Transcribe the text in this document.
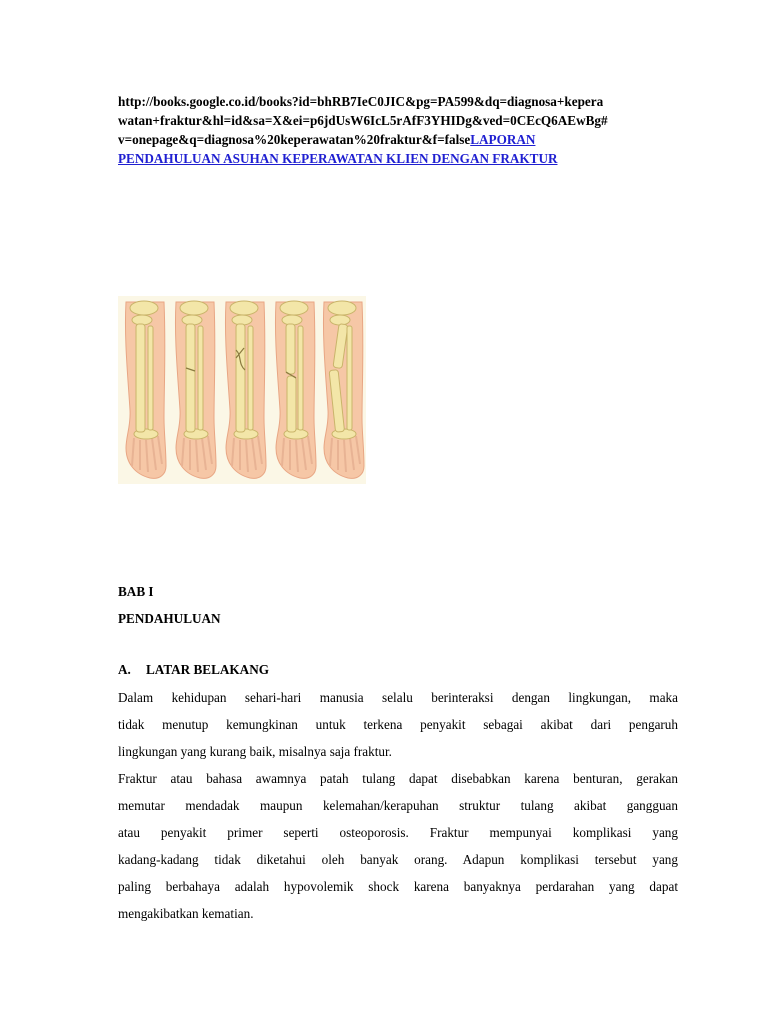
http://books.google.co.id/books?id=bhRB7IeC0JIC&pg=PA599&dq=diagnosa+kepera
watan+fraktur&hl=id&sa=X&ei=p6jdUsW6IcL5rAfF3YHIDg&ved=0CEcQ6AEwBg#
v=onepage&q=diagnosa%20keperawatan%20fraktur&f=falseLAPORAN
PENDAHULUAN ASUHAN KEPERAWATAN KLIEN DENGAN FRAKTUR
BAB I
PENDAHULUAN
A. LATAR BELAKANG
Dalam kehidupan sehari-hari manusia selalu berinteraksi dengan lingkungan, maka
tidak menutup kemungkinan untuk terkena penyakit sebagai akibat dari pengaruh
lingkungan yang kurang baik, misalnya saja fraktur.
Fraktur atau bahasa awamnya patah tulang dapat disebabkan karena benturan, gerakan
memutar mendadak maupun kelemahan/kerapuhan struktur tulang akibat gangguan
atau penyakit primer seperti osteoporosis. Fraktur mempunyai komplikasi yang
kadang-kadang tidak diketahui oleh banyak orang. Adapun komplikasi tersebut yang
paling berbahaya adalah hypovolemik shock karena banyaknya perdarahan yang dapat
mengakibatkan kematian.
